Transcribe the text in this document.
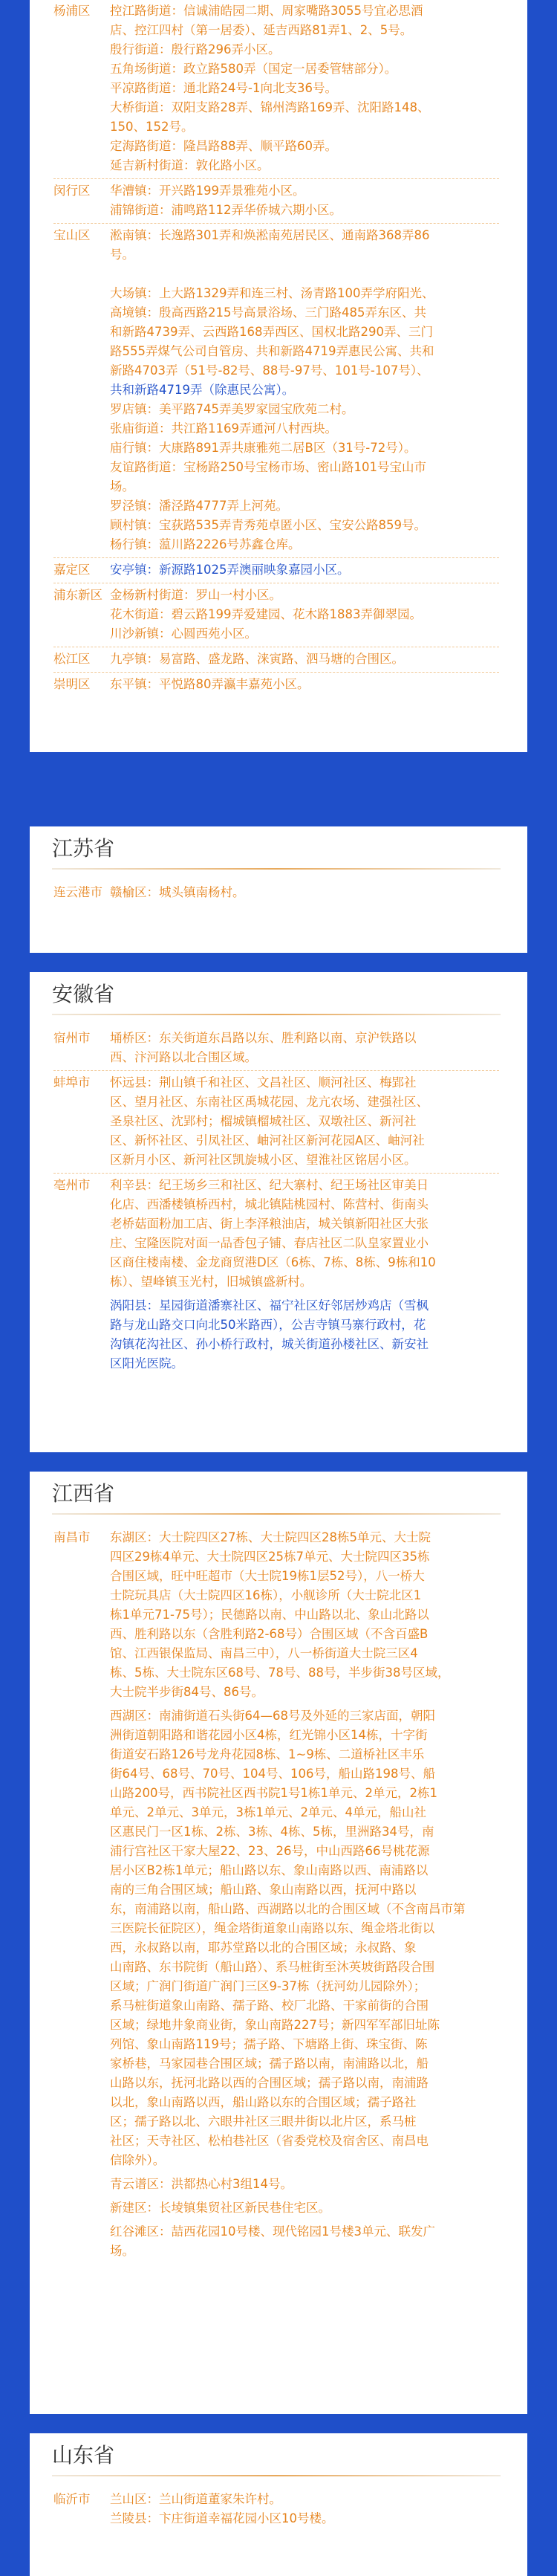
杨浦区	控江路街道：信诚浦皓园二期、周家嘴路3055号宜必思酒
店、控江四村（第一居委）、延吉西路81弄1、2、5号。
殷行街道：殷行路296弄小区。
五角场街道：政立路580弄（国定一居委管辖部分）。
平凉路街道：通北路24号-1向北支36号。
大桥街道：双阳支路28弄、锦州湾路169弄、沈阳路148、
150、152号。
定海路街道：隆昌路88弄、顺平路60弄。
延吉新村街道：敦化路小区。
闵行区	华漕镇：开兴路199弄景雅苑小区。
浦锦街道：浦鸣路112弄华侨城六期小区。
宝山区	淞南镇：长逸路301弄和焕淞南苑居民区、通南路368弄86
号。
大场镇：上大路1329弄和连三村、汤青路100弄学府阳光、
高境镇：殷高西路215号高景浴场、三门路485弄东区、共
和新路4739弄、云西路168弄西区、国权北路290弄、三门
路555弄煤气公司自管房、共和新路4719弄惠民公寓、共和
新路4703弄（51号-82号、88号-97号、101号-107号）、
共和新路4719弄（除惠民公寓）。
罗店镇：美平路745弄美罗家园宝欣苑二村。
张庙街道：共江路1169弄通河八村西块。
庙行镇：大康路891弄共康雅苑二居B区（31号-72号）。
友谊路街道：宝杨路250号宝杨市场、密山路101号宝山市
场。
罗泾镇：潘泾路4777弄上河苑。
顾村镇：宝荻路535弄青秀苑卓匿小区、宝安公路859号。
杨行镇：蕰川路2226号苏鑫仓库。
嘉定区	安亭镇：新源路1025弄澳丽映象嘉园小区。
浦东新区 金杨新村街道：罗山一村小区。
花木街道：碧云路199弄爱建园、花木路1883弄御翠园。
川沙新镇：心圆西苑小区。
松江区	九亭镇：易富路、盛龙路、涞寅路、泗马塘的合围区。
崇明区	东平镇：平悦路80弄瀛丰嘉苑小区。
江苏省
连云港市 赣榆区：城头镇南杨村。
安徽省
宿州市	埇桥区：东关街道东昌路以东、胜利路以南、京沪铁路以
西、汴河路以北合围区域。
蚌埠市	怀远县：荆山镇千和社区、文昌社区、顺河社区、梅郢社
区、望月社区、东南社区禹城花园、龙亢农场、建强社区、
圣泉社区、沈郢村；榴城镇榴城社区、双墩社区、新河社
区、新怀社区、引凤社区、岫河社区新河花园A区、岫河社
区新月小区、新河社区凯旋城小区、望淮社区铭居小区。
亳州市	利辛县：纪王场乡三和社区、纪大寨村、纪王场社区审美日
化店、西潘楼镇桥西村，城北镇陆桃园村、陈营村、街南头
老桥菇面粉加工店、街上李泽粮油店，城关镇新阳社区大张
庄、宝隆医院对面一品香包子铺、春店社区二队皇家置业小
区商住楼南楼、金龙商贸港D区（6栋、7栋、8栋、9栋和10
栋）、望峰镇玉光村，旧城镇盛新村。
涡阳县：星园街道潘寨社区、福宁社区好邻居炒鸡店（雪枫
路与龙山路交口向北50米路西），公吉寺镇马寨行政村，花
沟镇花沟社区、孙小桥行政村，城关街道孙楼社区、新安社
区阳光医院。
江西省
南昌市	东湖区：大士院四区27栋、大士院四区28栋5单元、大士院
四区29栋4单元、大士院四区25栋7单元、大士院四区35栋
合围区域，旺中旺超市（大士院19栋1层52号），八一桥大
士院玩具店（大士院四区16栋），小舰诊所（大士院北区1
栋1单元71-75号）；民德路以南、中山路以北、象山北路以
西、胜利路以东（含胜利路2-68号）合围区域（不含百盛B
馆、江西银保监局、南昌三中），八一桥街道大士院三区4
栋、5栋、大士院东区68号、78号、88号，半步街38号区域，
大士院半步街84号、86号。
西湖区：南浦街道石头街64—68号及外延的三家店面，朝阳
洲街道朝阳路和谐花园小区4栋，红光锦小区14栋，十字街
街道安石路126号龙舟花园8栋、1~9栋、二道桥社区丰乐
街64号、68号、70号、104号、106号，船山路198号、船
山路200号，西书院社区西书院1号1栋1单元、2单元，2栋1
单元、2单元、3单元，3栋1单元、2单元、4单元，船山社
区惠民门一区1栋、2栋、3栋、4栋、5栋，里洲路34号，南
浦行宫社区干家大屋22、23、26号，中山西路66号桃花源
居小区B2栋1单元；船山路以东、象山南路以西、南浦路以
南的三角合围区域；船山路、象山南路以西，抚河中路以
东，南浦路以南，船山路、西湖路以北的合围区域（不含南昌市第
三医院长征院区），绳金塔街道象山南路以东、绳金塔北街以
西，永叔路以南，耶苏堂路以北的合围区域；永叔路、象
山南路、东书院街（船山路）、系马桩街至沐英坡街路段合围
区域；广润门街道广润门三区9-37栋（抚河幼儿园除外）；
系马桩街道象山南路、孺子路、校厂北路、干家前街的合围
区域；绿地井象商业街，象山南路227号；新四军军部旧址陈
列馆、象山南路119号；孺子路、下塘路上街、珠宝街、陈
家桥巷，马家园巷合围区域；孺子路以南，南浦路以北，船
山路以东，抚河北路以西的合围区域；孺子路以南，南浦路
以北，象山南路以西，船山路以东的合围区域；孺子路社
区；孺子路以北、六眼井社区三眼井街以北片区，系马桩
社区；天寺社区、松柏巷社区（省委党校及宿舍区、南昌电
信除外）。
青云谱区：洪都热心村3组14号。
新建区：长堎镇集贸社区新民巷住宅区。
红谷滩区：喆西花园10号楼、现代铭园1号楼3单元、联发广
场。
山东省
临沂市	兰山区：兰山街道董家朱许村。
兰陵县：卞庄街道幸福花园小区10号楼。
